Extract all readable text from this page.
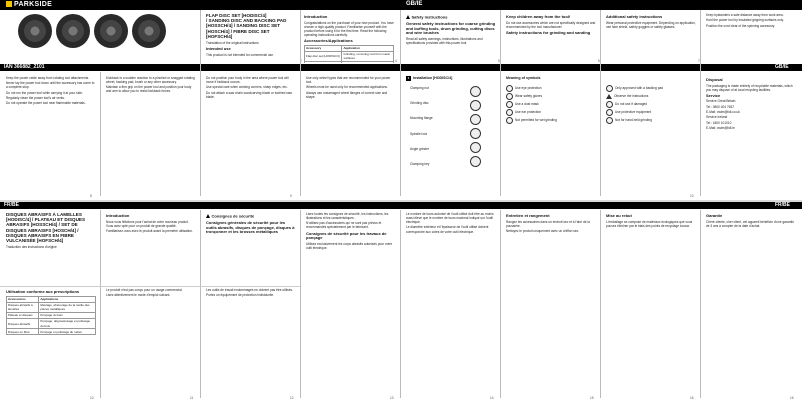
PARKSIDE	GB/IE
IAN 366882_2101	GB/IE
FLAP DISC SET [HODISC/4]
/ SANDING DISC AND BACKING PAD [HOSSCH/4] / SANDING DISC SET [HOSCH/4] / FIBRE DISC SET [HOFSCH/4]

Translation of the original instructions

Intended use

This product is not intended for commercial use.

Introduction

Congratulations on the purchase of your new product. You have chosen a high-quality product. Familiarise yourself with the product before using it for the first time. Read the following operating instructions carefully.

Accessories/Applications
Accessory	Application
Flap disc set [HODISC/4]	Grinding, removing rust from metal surfaces

Safety instructions
General safety instructions for coarse grinding and buffing tools, drum grinding, cutting discs and wire brushes

Read all safety warnings, instructions, illustrations and specifications provided with this power tool.

Keep children away from the tool!

Do not use accessories which are not specifically designed and recommended by the tool manufacturer.

Safety instructions for grinding and sanding
Additional safety instructions

Wear personal protective equipment. Depending on application, use face shield, safety goggles or safety glasses.

Keep bystanders a safe distance away from work area.

Hold the power tool by insulated gripping surfaces only.

Position the cord clear of the spinning accessory.

4	5	6	7

Keep the power cable away from rotating tool attachments.

Never lay the power tool down until the accessory has come to a complete stop.

Do not run the power tool while carrying it at your side.

Regularly clean the power tool's air vents.

Do not operate the power tool near flammable materials.

Kickback is a sudden reaction to a pinched or snagged rotating wheel, backing pad, brush or any other accessory.

Maintain a firm grip on the power tool and position your body and arm to allow you to resist kickback forces.

Do not position your body in the area where power tool will move if kickback occurs.

Use special care when working corners, sharp edges, etc.

Do not attach a saw chain woodcarving blade or toothed saw blade.

Use only wheel types that are recommended for your power tool.

Wheels must be used only for recommended applications.

Always use undamaged wheel flanges of correct size and shape.

1 Installation [HODISC/4]

Clamping nut

Grinding disc

Mounting flange

Spindle lock

Angle grinder

Clamping key

Meaning of symbols
Use eye protection
Wear safety gloves
Use a dust mask
Use ear protection
Not permitted for wet grinding
Only approved with a backing pad
Observe the instructions
Do not use if damaged
Use protective equipment
Not for hand-held grinding
Disposal

The packaging is made entirely of recyclable materials, which you may dispose of at local recycling facilities.

Service

Service Great Britain

Tel.: 0800 404 7657

E-Mail: owim@lidl.co.uk

Service Ireland

Tel.: 1800 101010

E-Mail: owim@lidl.ie

8	9	10
FR/BE	FR/BE
DISQUES ABRASIFS À LAMELLES [HODISC/4] / PLATEAU ET DISQUES ABRASIFS [HOSSCH/4] / SET DE DISQUES ABRASIFS [HOSCH/4] / DISQUES ABRASIFS EN FIBRE VULCANISÉE [HOFSCH/4]

Traduction des instructions d'origine

Introduction

Nous vous félicitons pour l'achat de votre nouveau produit. Vous avez opté pour un produit de grande qualité.

Familiarisez-vous avec le produit avant la première utilisation.

Consignes de sécurité
Consignes générales de sécurité pour les outils abrasifs, disques de ponçage, disques à tronçonner et les brosses métalliques

Lisez toutes les consignes de sécurité, les instructions, les illustrations et les caractéristiques.

N'utilisez pas d'accessoires qui ne sont pas prévus et recommandés spécialement par le fabricant.

Consignes de sécurité pour les travaux de ponçage

Utilisez exclusivement les corps abrasifs autorisés pour votre outil électrique.

Le nombre de tours autorisé de l'outil utilisé doit être au moins aussi élevé que le nombre de tours maximal indiqué sur l'outil électrique.

Le diamètre extérieur et l'épaisseur de l'outil utilisé doivent correspondre aux cotes de votre outil électrique.

Entretien et rangement

Rangez les accessoires dans un endroit sec et à l'abri de la poussière.

Nettoyez le produit uniquement avec un chiffon sec.

Mise au rebut

L'emballage se compose de matériaux écologiques que vous pouvez éliminer par le biais des points de recyclage locaux.

Garantie

Chère cliente, cher client, cet appareil bénéficie d'une garantie de 3 ans à compter de la date d'achat.

Utilisation conforme aux prescriptions
Accessoires	Applications
Disques abrasifs à lamelles	Meulage, ébavurage de la rouille des pièces métalliques
Plateau et disques	Ponçage du bois
Disques abrasifs	Ponçage, dégrossissage et polissage du bois
Disques en fibre	Ponçage et polissage du métal

Le produit n'est pas conçu pour un usage commercial.

Lisez attentivement le mode d'emploi suivant.

Les outils de travail endommagés ne doivent pas être utilisés.

Portez un équipement de protection individuelle.

10	11	12	13	14	15	16	16
